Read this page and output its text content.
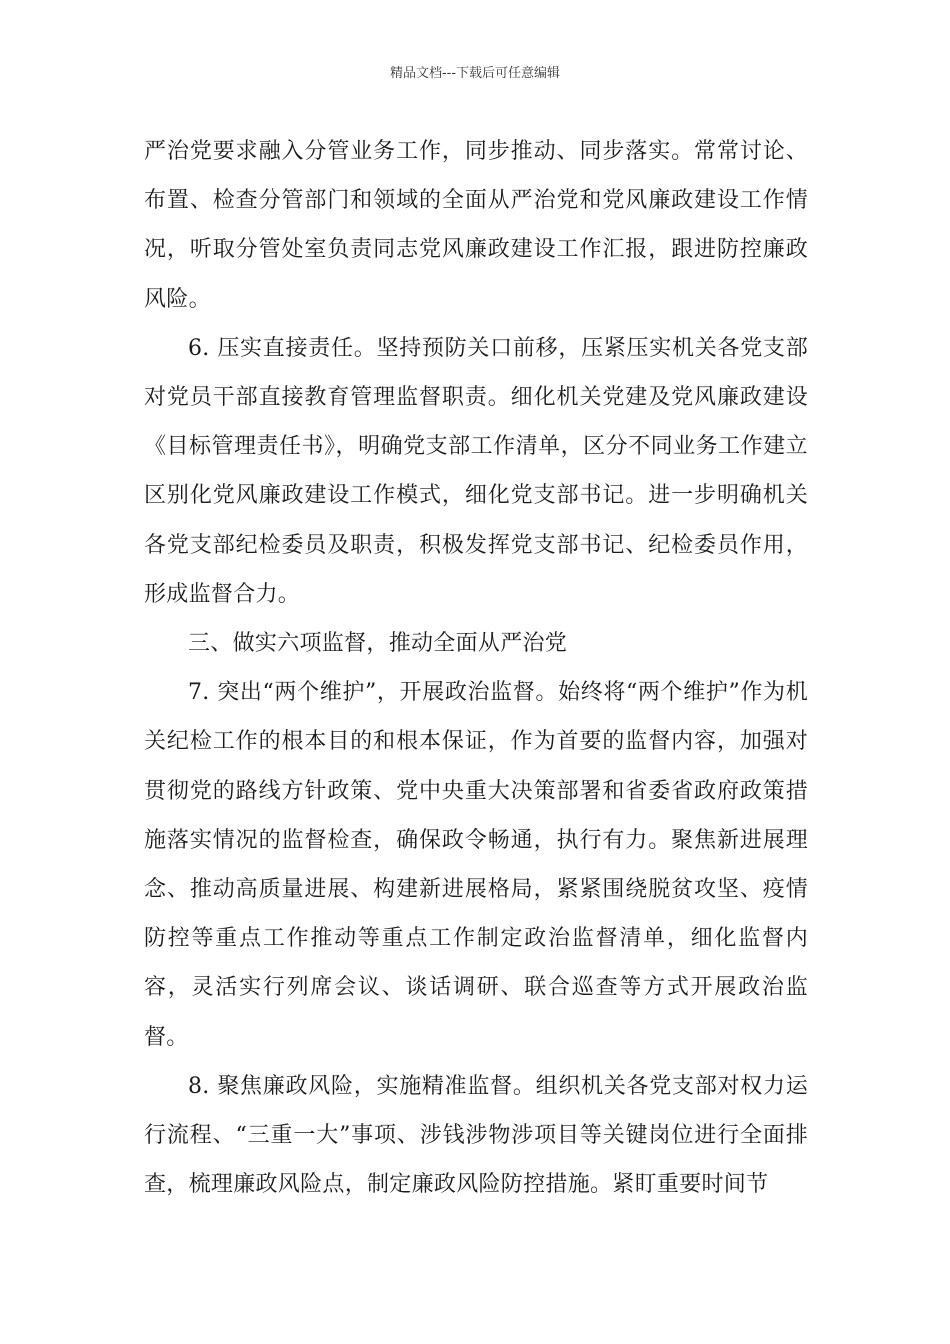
精品文档---下载后可任意编辑

严治党要求融入分管业务工作，同步推动、同步落实。常常讨论、布置、检查分管部门和领域的全面从严治党和党风廉政建设工作情况，听取分管处室负责同志党风廉政建设工作汇报，跟进防控廉政风险。

6. 压实直接责任。坚持预防关口前移，压紧压实机关各党支部对党员干部直接教育管理监督职责。细化机关党建及党风廉政建设《目标管理责任书》，明确党支部工作清单，区分不同业务工作建立区别化党风廉政建设工作模式，细化党支部书记。进一步明确机关各党支部纪检委员及职责，积极发挥党支部书记、纪检委员作用，形成监督合力。

三、做实六项监督，推动全面从严治党

7. 突出“两个维护”，开展政治监督。始终将“两个维护”作为机关纪检工作的根本目的和根本保证，作为首要的监督内容，加强对贯彻党的路线方针政策、党中央重大决策部署和省委省政府政策措施落实情况的监督检查，确保政令畅通，执行有力。聚焦新进展理念、推动高质量进展、构建新进展格局，紧紧围绕脱贫攻坚、疫情防控等重点工作推动等重点工作制定政治监督清单，细化监督内容，灵活实行列席会议、谈话调研、联合巡查等方式开展政治监督。

8. 聚焦廉政风险，实施精准监督。组织机关各党支部对权力运行流程、“三重一大”事项、涉钱涉物涉项目等关键岗位进行全面排查，梳理廉政风险点，制定廉政风险防控措施。紧盯重要时间节
